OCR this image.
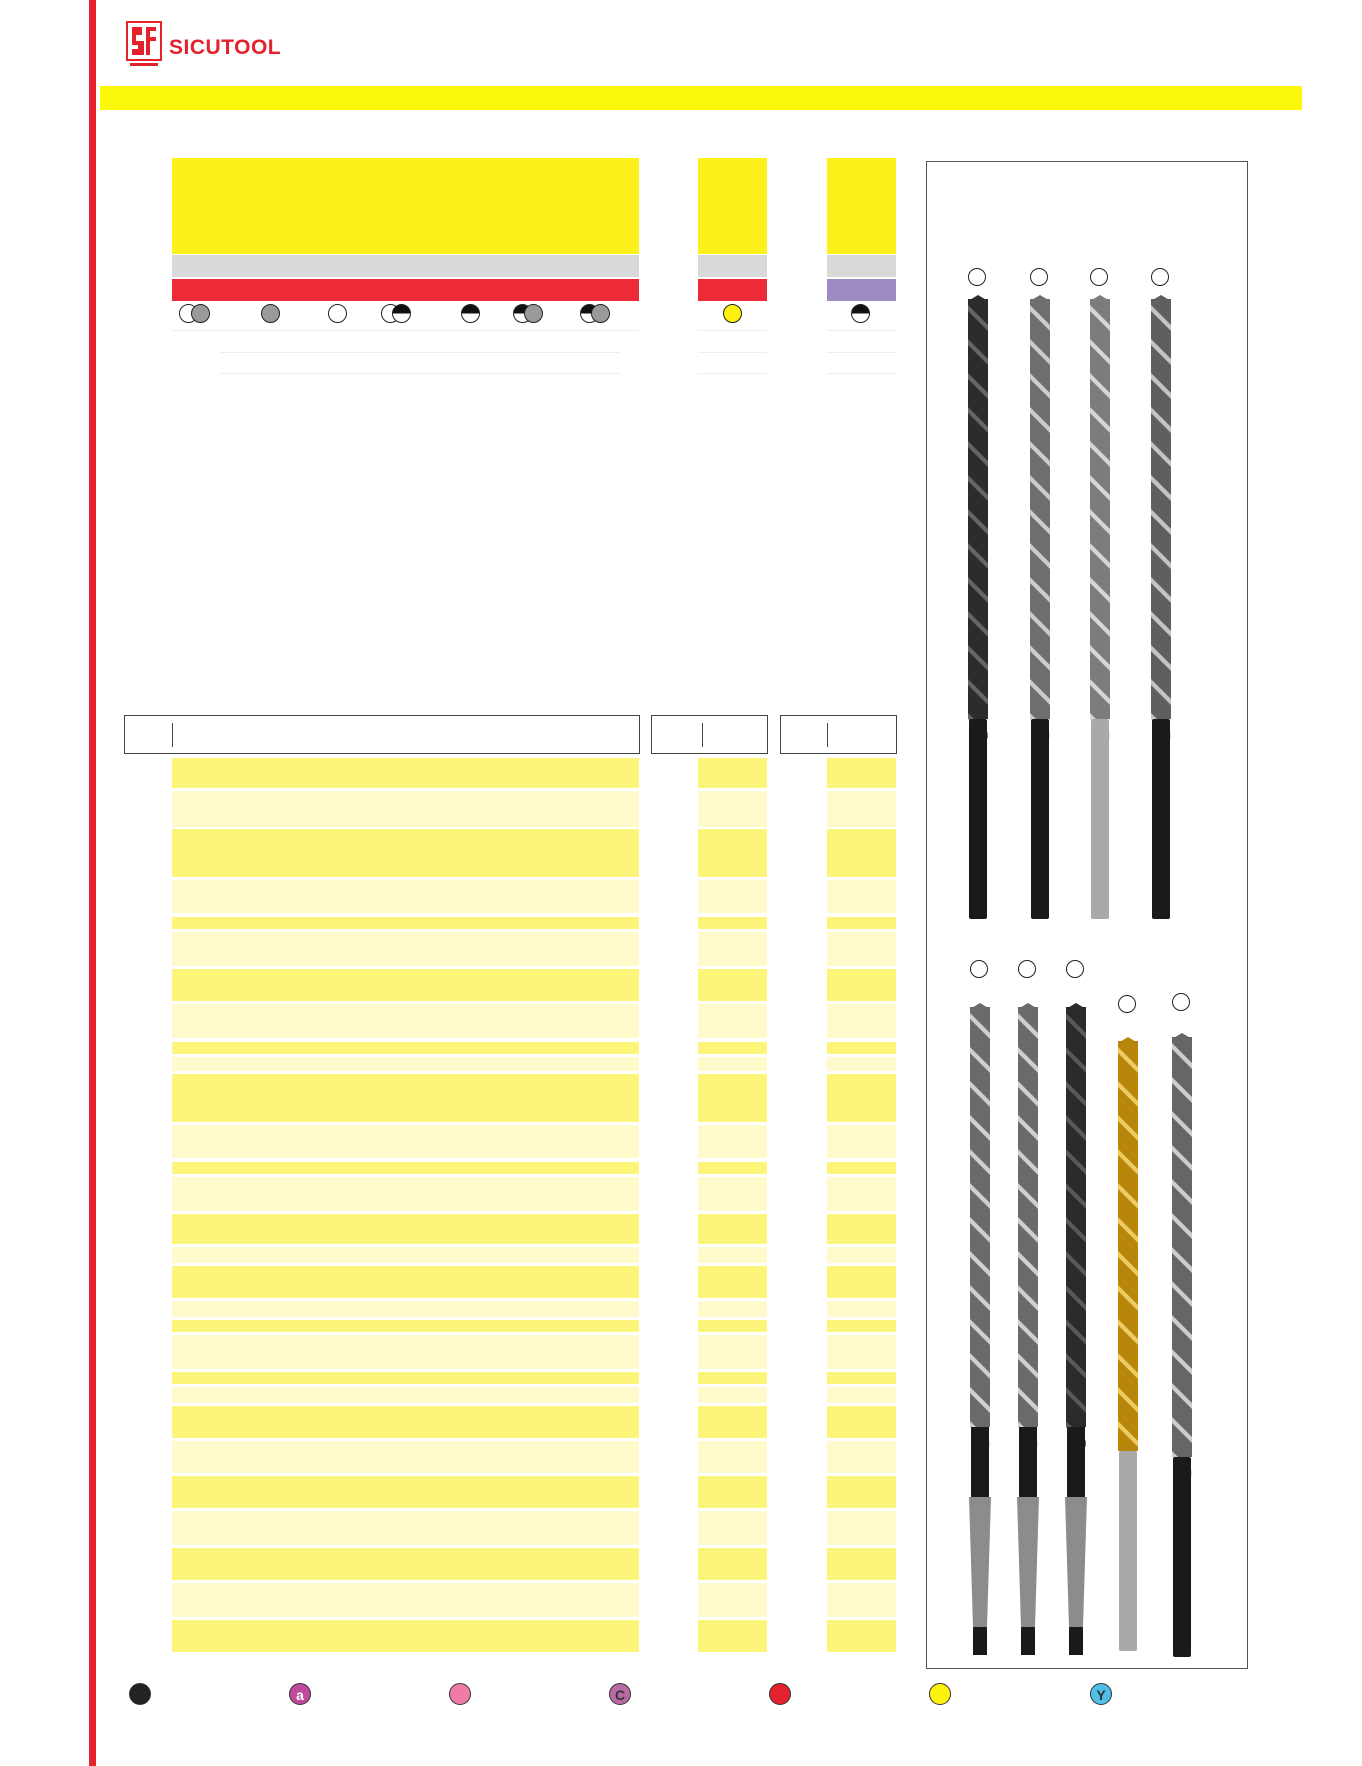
SICUTOOL
a	C	Y
